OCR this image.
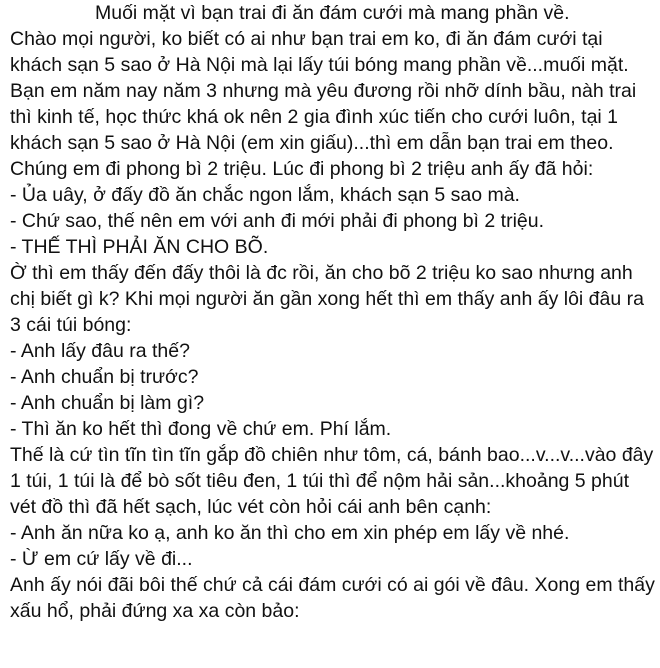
Muối mặt vì bạn trai đi ăn đám cưới mà mang phần về.

Chào mọi người, ko biết có ai như bạn trai em ko, đi ăn đám cưới tại khách sạn 5 sao ở Hà Nội mà lại lấy túi bóng mang phần về...muối mặt.

Bạn em năm nay năm 3 nhưng mà yêu đương rồi nhỡ dính bầu, nàh trai thì kinh tế, học thức khá ok nên 2 gia đình xúc tiến cho cưới luôn, tại 1 khách sạn 5 sao ở Hà Nội (em xin giấu)...thì em dẫn bạn trai em theo. Chúng em đi phong bì 2 triệu. Lúc đi phong bì 2 triệu anh ấy đã hỏi:

- Ủa uây, ở đấy đồ ăn chắc ngon lắm, khách sạn 5 sao mà.

- Chứ sao, thế nên em với anh đi mới phải đi phong bì 2 triệu.

- THẾ THÌ PHẢI ĂN CHO BÕ.

Ờ thì em thấy đến đấy thôi là đc rồi, ăn cho bõ 2 triệu ko sao nhưng anh chị biết gì k? Khi mọi người ăn gần xong hết thì em thấy anh ấy lôi đâu ra 3 cái túi bóng:

- Anh lấy đâu ra thế?

- Anh chuẩn bị trước?

- Anh chuẩn bị làm gì?

- Thì ăn ko hết thì đong về chứ em. Phí lắm.

Thế là cứ tìn tĩn tìn tĩn gắp đồ chiên như tôm, cá, bánh bao...v...v...vào đây 1 túi, 1 túi là để bò sốt tiêu đen, 1 túi thì để nộm hải sản...khoảng 5 phút vét đồ thì đã hết sạch, lúc vét còn hỏi cái anh bên cạnh:

- Anh ăn nữa ko ạ, anh ko ăn thì cho em xin phép em lấy về nhé.

- Ừ em cứ lấy về đi...

Anh ấy nói đãi bôi thế chứ cả cái đám cưới có ai gói về đâu. Xong em thấy xấu hổ, phải đứng xa xa còn bảo:
